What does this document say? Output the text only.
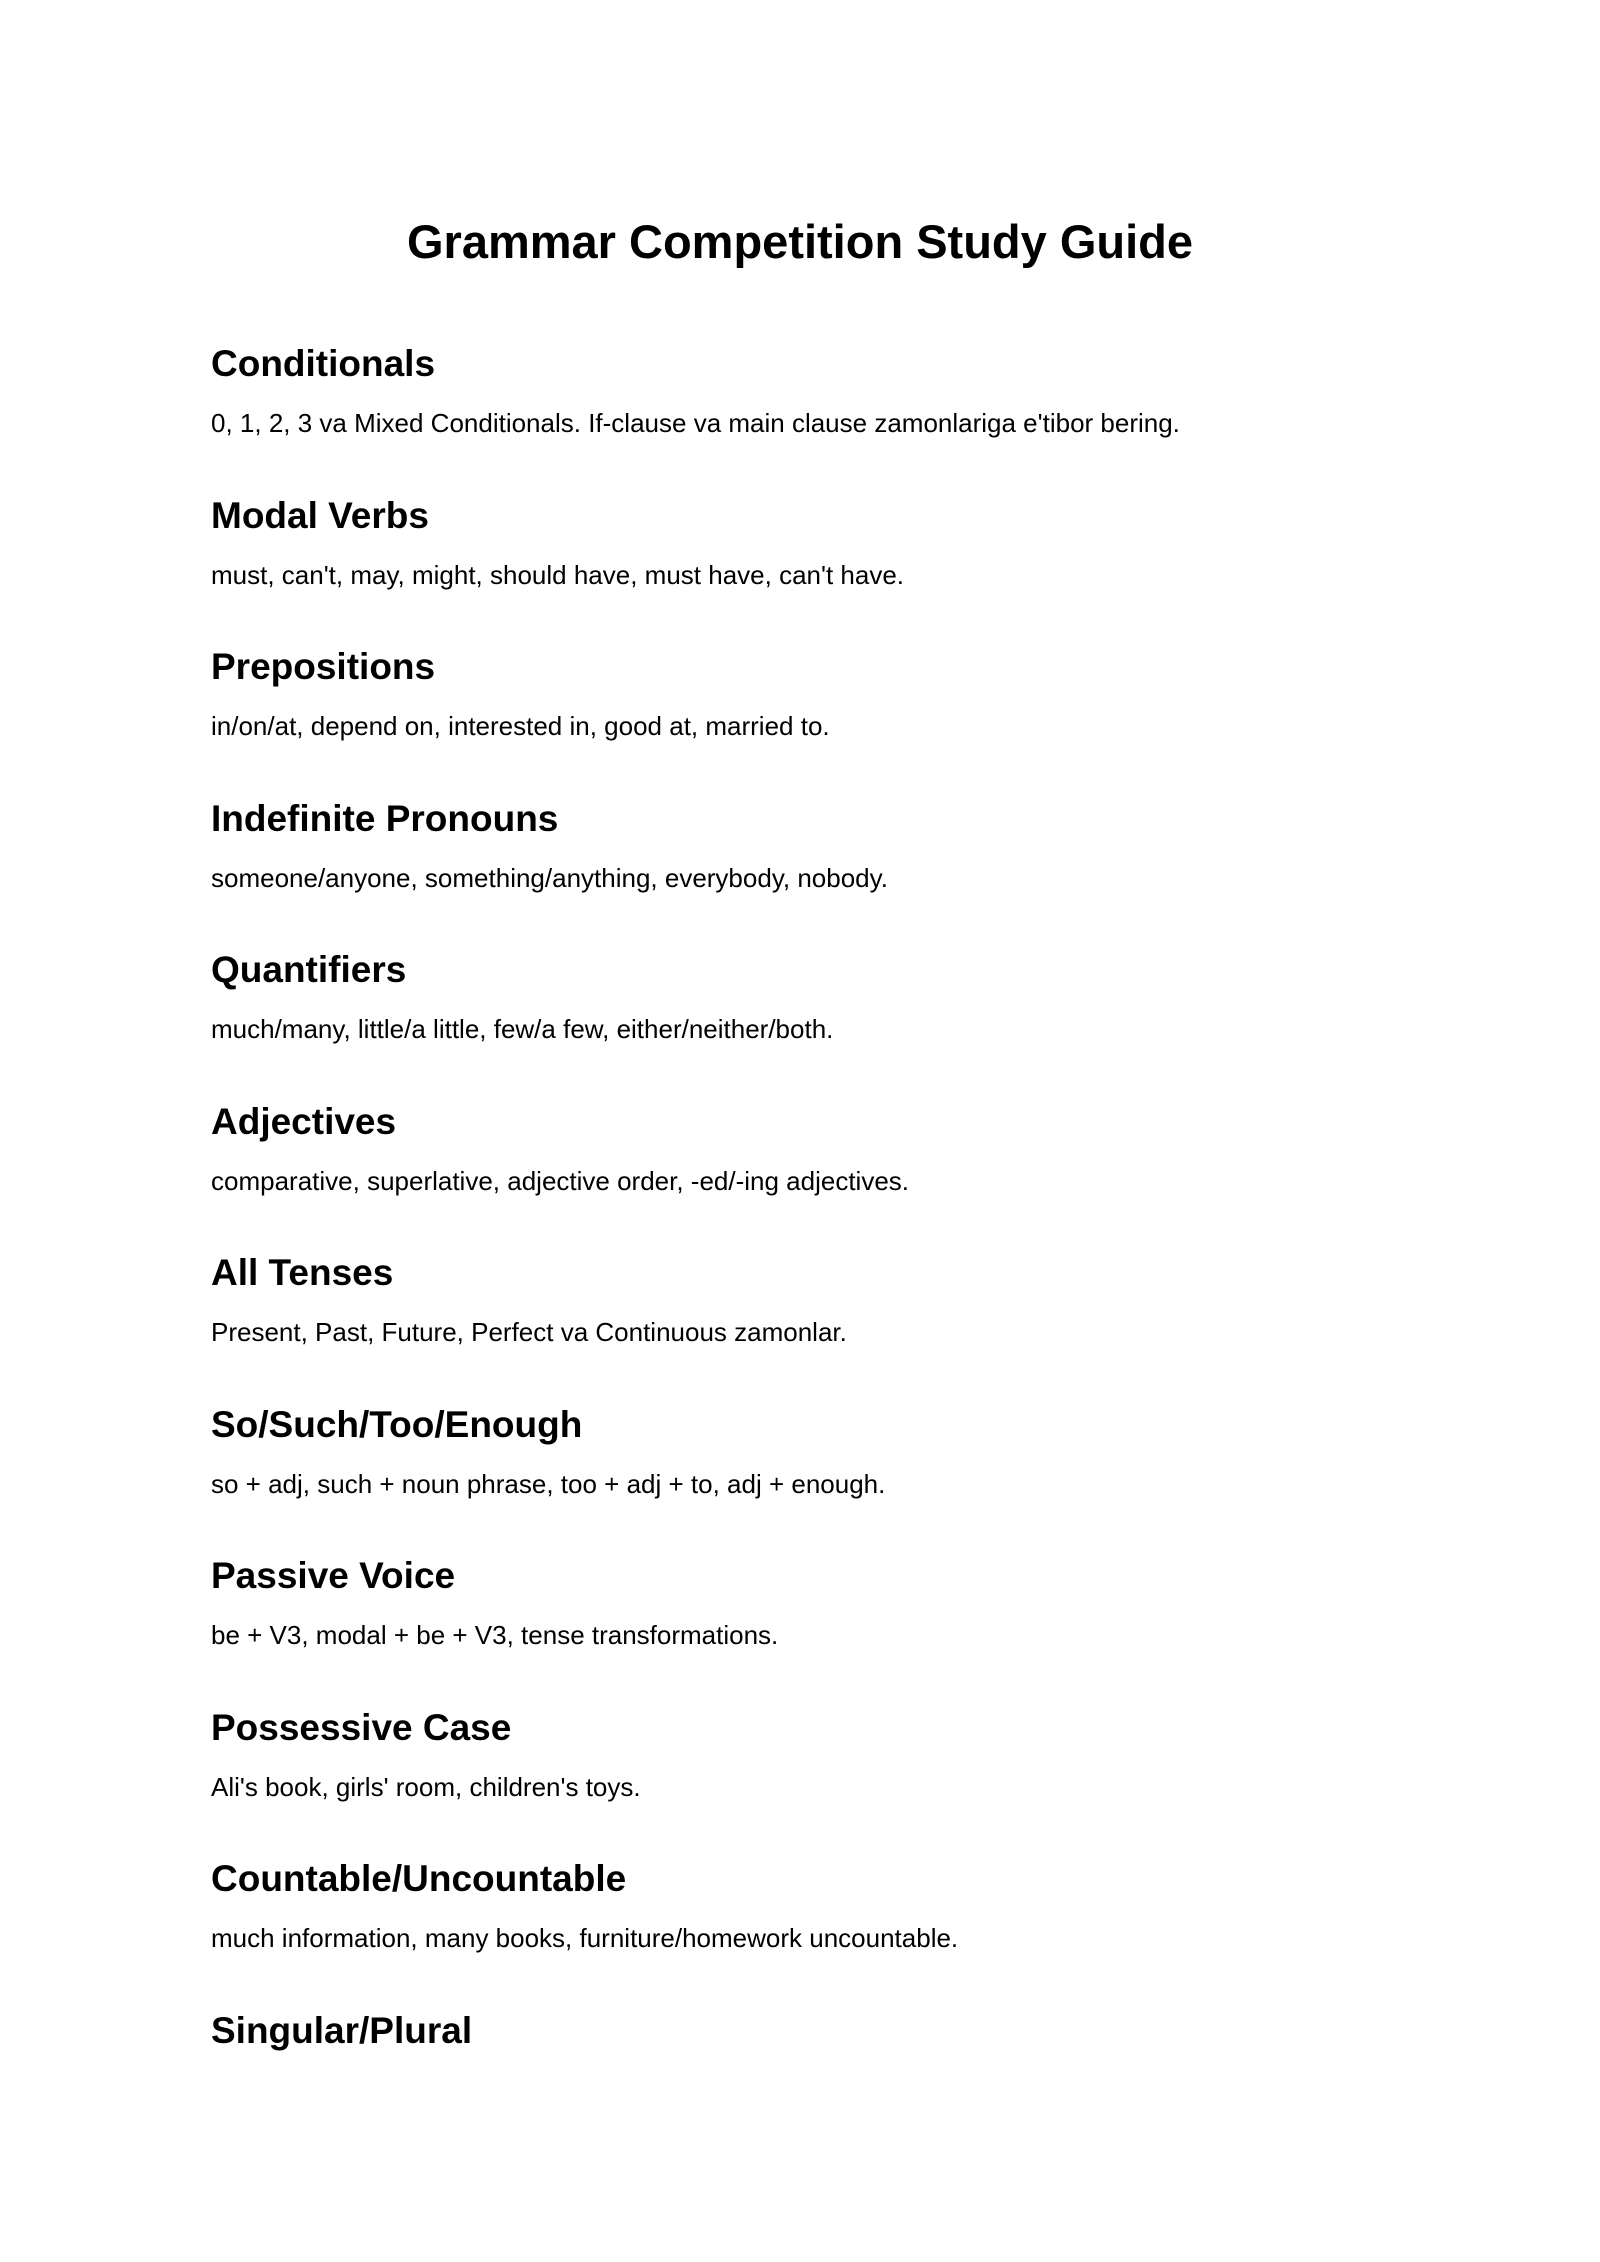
Grammar Competition Study Guide
Conditionals

0, 1, 2, 3 va Mixed Conditionals. If-clause va main clause zamonlariga e'tibor bering.

Modal Verbs

must, can't, may, might, should have, must have, can't have.

Prepositions

in/on/at, depend on, interested in, good at, married to.

Indefinite Pronouns

someone/anyone, something/anything, everybody, nobody.

Quantifiers

much/many, little/a little, few/a few, either/neither/both.

Adjectives

comparative, superlative, adjective order, -ed/-ing adjectives.

All Tenses

Present, Past, Future, Perfect va Continuous zamonlar.

So/Such/Too/Enough

so + adj, such + noun phrase, too + adj + to, adj + enough.

Passive Voice

be + V3, modal + be + V3, tense transformations.

Possessive Case

Ali's book, girls' room, children's toys.

Countable/Uncountable

much information, many books, furniture/homework uncountable.

Singular/Plural
